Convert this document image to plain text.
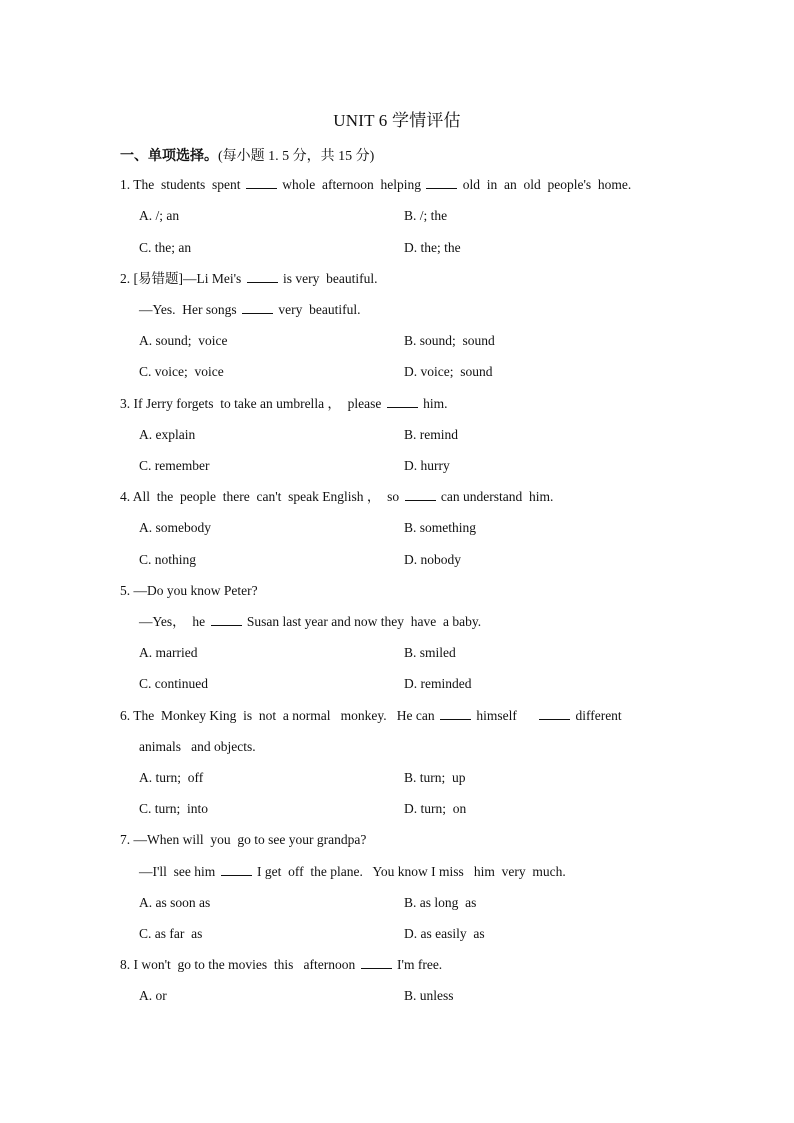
UNIT 6 学情评估
一、单项选择。(每小题 1. 5 分，共 15 分)
1. The  students  spent	whole  afternoon  helping	old  in  an  old  people's  home.
A. /; an	B. /; the
C. the; an	D. the; the
2. [易错题]—Li Mei's	is very  beautiful.
—Yes.  Her songs	very  beautiful.
A. sound;  voice	B. sound;  sound
C. voice;  voice	D. voice;  sound
3. If Jerry forgets  to take an umbrella ，  please	him.
A. explain	B. remind
C. remember	D. hurry
4. All  the  people  there  can't  speak English ，  so	can understand  him.
A. somebody	B. something
C. nothing	D. nobody
5. —Do you know Peter?
—Yes，  he	Susan last year and now they  have  a baby.
A. married	B. smiled
C. continued	D. reminded
6. The  Monkey King  is  not  a normal   monkey.   He can	himself	different
animals   and objects.
A. turn;  off	B. turn;  up
C. turn;  into	D. turn;  on
7. —When will  you  go to see your grandpa?
—I'll  see him	I get  off  the plane.   You know I miss   him  very  much.
A. as soon as	B. as long  as
C. as far  as	D. as easily  as
8. I won't  go to the movies  this   afternoon	I'm free.
A. or	B. unless
